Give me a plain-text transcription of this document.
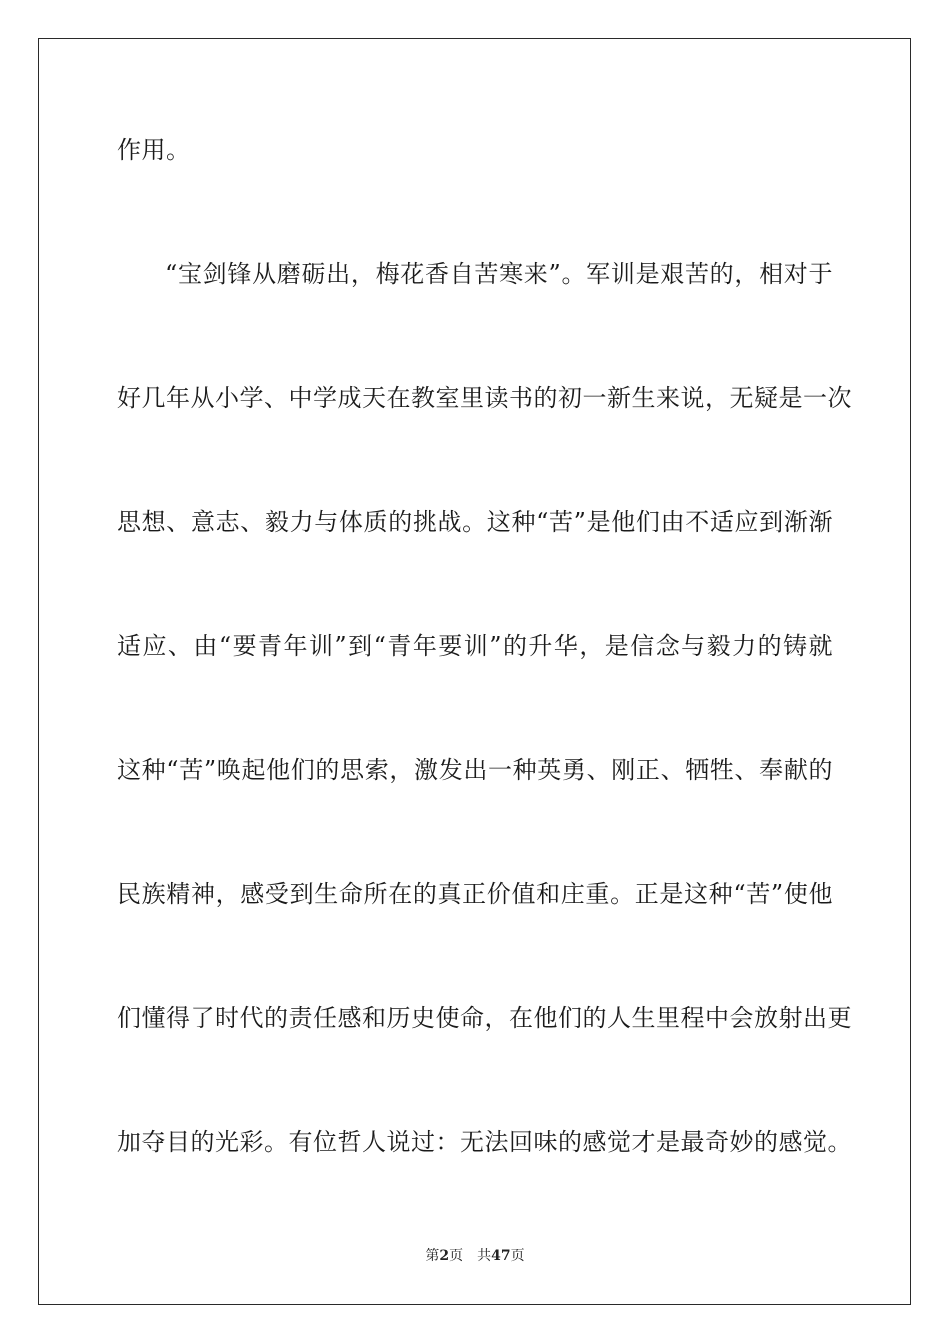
作用。
“宝剑锋从磨砺出，梅花香自苦寒来”。军训是艰苦的，相对于
好几年从小学、中学成天在教室里读书的初一新生来说，无疑是一次
思想、意志、毅力与体质的挑战。这种“苦”是他们由不适应到渐渐
适应、由“要青年训”到“青年要训”的升华，是信念与毅力的铸就
这种“苦”唤起他们的思索，激发出一种英勇、刚正、牺牲、奉献的
民族精神，感受到生命所在的真正价值和庄重。正是这种“苦”使他
们懂得了时代的责任感和历史使命，在他们的人生里程中会放射出更
加夺目的光彩。有位哲人说过：无法回味的感觉才是最奇妙的感觉。
第2页 共47页
